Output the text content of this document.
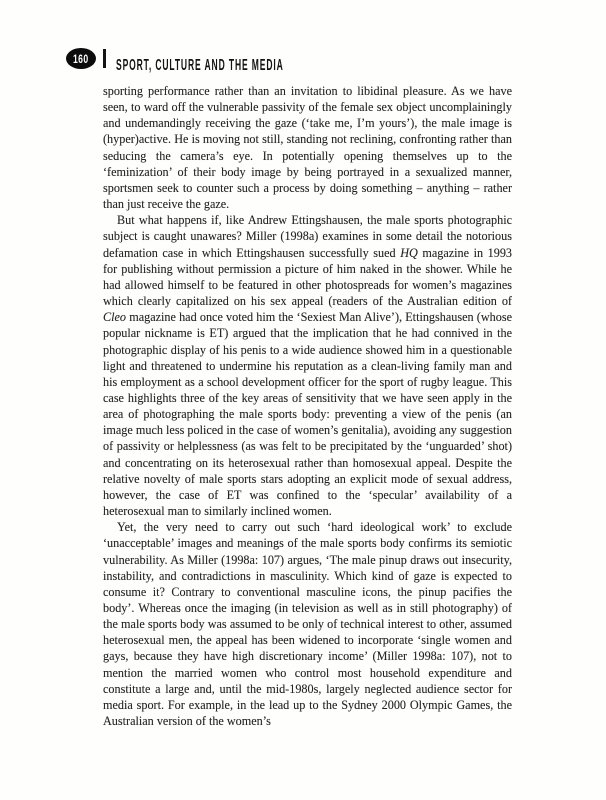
160 SPORT, CULTURE AND THE MEDIA

sporting performance rather than an invitation to libidinal pleasure. As we have seen, to ward off the vulnerable passivity of the female sex object uncomplainingly and undemandingly receiving the gaze (‘take me, I’m yours’), the male image is (hyper)active. He is moving not still, standing not reclining, confronting rather than seducing the camera’s eye. In potentially opening themselves up to the ‘feminization’ of their body image by being portrayed in a sexualized manner, sportsmen seek to counter such a process by doing something – anything – rather than just receive the gaze.

But what happens if, like Andrew Ettingshausen, the male sports photographic subject is caught unawares? Miller (1998a) examines in some detail the notorious defamation case in which Ettingshausen successfully sued HQ magazine in 1993 for publishing without permission a picture of him naked in the shower. While he had allowed himself to be featured in other photospreads for women’s magazines which clearly capitalized on his sex appeal (readers of the Australian edition of Cleo magazine had once voted him the ‘Sexiest Man Alive’), Ettingshausen (whose popular nickname is ET) argued that the implication that he had connived in the photographic display of his penis to a wide audience showed him in a questionable light and threatened to undermine his reputation as a clean-living family man and his employment as a school development officer for the sport of rugby league. This case highlights three of the key areas of sensitivity that we have seen apply in the area of photographing the male sports body: preventing a view of the penis (an image much less policed in the case of women’s genitalia), avoiding any suggestion of passivity or helplessness (as was felt to be precipitated by the ‘unguarded’ shot) and concentrating on its heterosexual rather than homosexual appeal. Despite the relative novelty of male sports stars adopting an explicit mode of sexual address, however, the case of ET was confined to the ‘specular’ availability of a heterosexual man to similarly inclined women.

Yet, the very need to carry out such ‘hard ideological work’ to exclude ‘unacceptable’ images and meanings of the male sports body confirms its semiotic vulnerability. As Miller (1998a: 107) argues, ‘The male pinup draws out insecurity, instability, and contradictions in masculinity. Which kind of gaze is expected to consume it? Contrary to conventional masculine icons, the pinup pacifies the body’. Whereas once the imaging (in television as well as in still photography) of the male sports body was assumed to be only of technical interest to other, assumed heterosexual men, the appeal has been widened to incorporate ‘single women and gays, because they have high discretionary income’ (Miller 1998a: 107), not to mention the married women who control most household expenditure and constitute a large and, until the mid-1980s, largely neglected audience sector for media sport. For example, in the lead up to the Sydney 2000 Olympic Games, the Australian version of the women’s
